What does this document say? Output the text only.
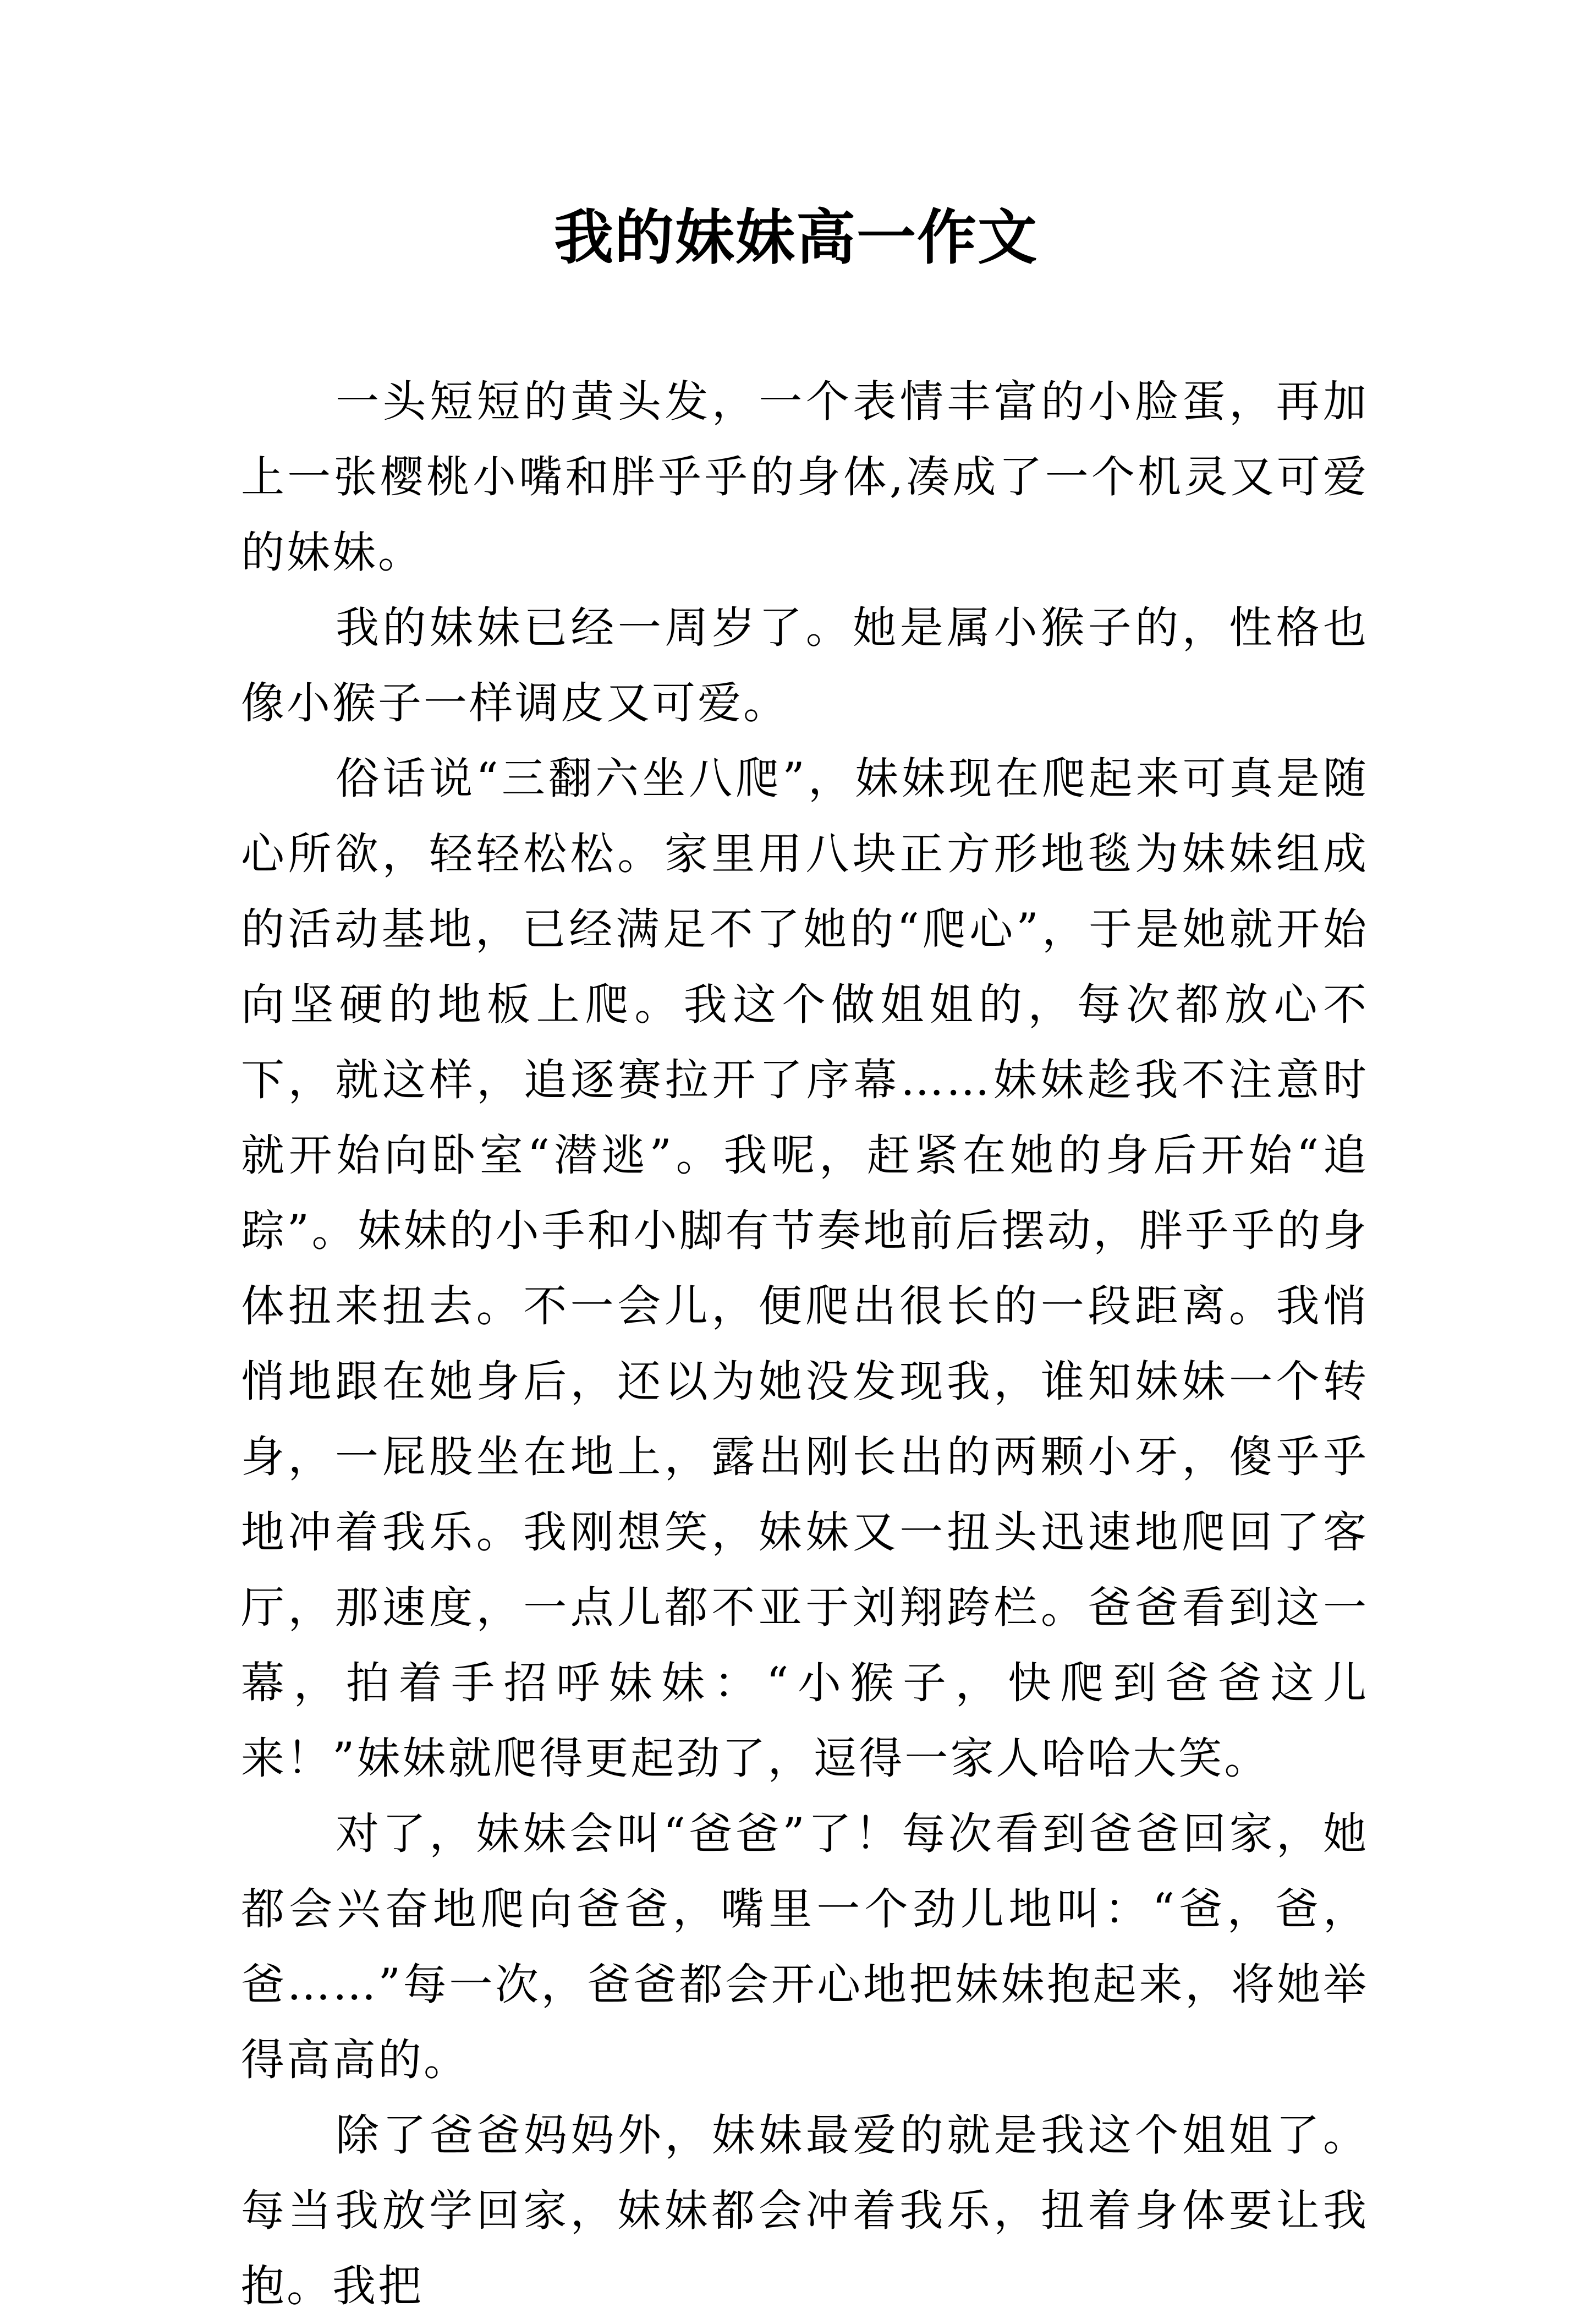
我的妹妹高一作文

一头短短的黄头发，一个表情丰富的小脸蛋，再加上一张樱桃小嘴和胖乎乎的身体,凑成了一个机灵又可爱的妹妹。

我的妹妹已经一周岁了。她是属小猴子的，性格也像小猴子一样调皮又可爱。

俗话说“三翻六坐八爬”，妹妹现在爬起来可真是随心所欲，轻轻松松。家里用八块正方形地毯为妹妹组成的活动基地，已经满足不了她的“爬心”，于是她就开始向坚硬的地板上爬。我这个做姐姐的，每次都放心不下，就这样，追逐赛拉开了序幕……妹妹趁我不注意时就开始向卧室“潜逃”。我呢，赶紧在她的身后开始“追踪”。妹妹的小手和小脚有节奏地前后摆动，胖乎乎的身体扭来扭去。不一会儿，便爬出很长的一段距离。我悄悄地跟在她身后，还以为她没发现我，谁知妹妹一个转身，一屁股坐在地上，露出刚长出的两颗小牙，傻乎乎地冲着我乐。我刚想笑，妹妹又一扭头迅速地爬回了客厅，那速度，一点儿都不亚于刘翔跨栏。爸爸看到这一幕，拍着手招呼妹妹：“小猴子，快爬到爸爸这儿来！”妹妹就爬得更起劲了，逗得一家人哈哈大笑。

对了，妹妹会叫“爸爸”了！每次看到爸爸回家，她都会兴奋地爬向爸爸，嘴里一个劲儿地叫：“爸，爸，爸……”每一次，爸爸都会开心地把妹妹抱起来，将她举得高高的。

除了爸爸妈妈外，妹妹最爱的就是我这个姐姐了。每当我放学回家，妹妹都会冲着我乐，扭着身体要让我抱。我把
